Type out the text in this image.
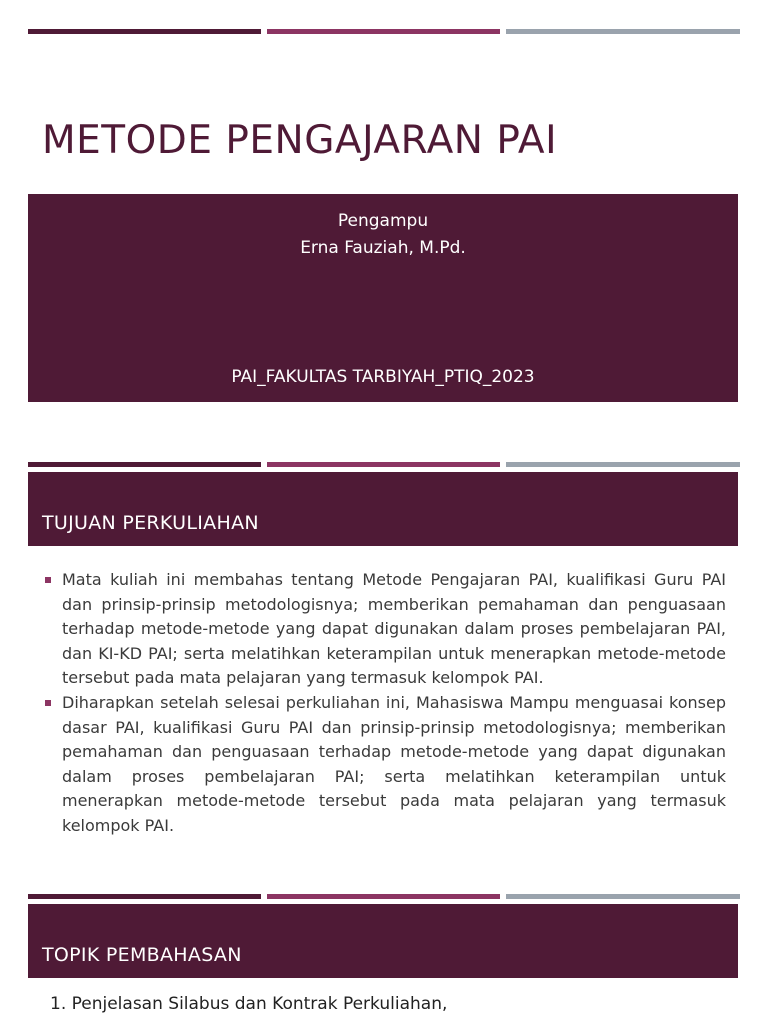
METODE PENGAJARAN PAI
Pengampu
Erna Fauziah, M.Pd.
PAI_FAKULTAS TARBIYAH_PTIQ_2023
TUJUAN PERKULIAHAN
Mata kuliah ini membahas tentang Metode Pengajaran PAI, kualifikasi Guru PAI dan prinsip-prinsip metodologisnya; memberikan pemahaman dan penguasaan terhadap metode-metode yang dapat digunakan dalam proses pembelajaran PAI, dan KI-KD PAI; serta melatihkan keterampilan untuk menerapkan metode-metode tersebut pada mata pelajaran yang termasuk kelompok PAI.
Diharapkan setelah selesai perkuliahan ini, Mahasiswa Mampu menguasai konsep dasar PAI, kualifikasi Guru PAI dan prinsip-prinsip metodologisnya; memberikan pemahaman dan penguasaan terhadap metode-metode yang dapat digunakan dalam proses pembelajaran PAI; serta melatihkan keterampilan untuk menerapkan metode-metode tersebut pada mata pelajaran yang termasuk kelompok PAI.
TOPIK PEMBAHASAN
1. Penjelasan Silabus dan Kontrak Perkuliahan,
